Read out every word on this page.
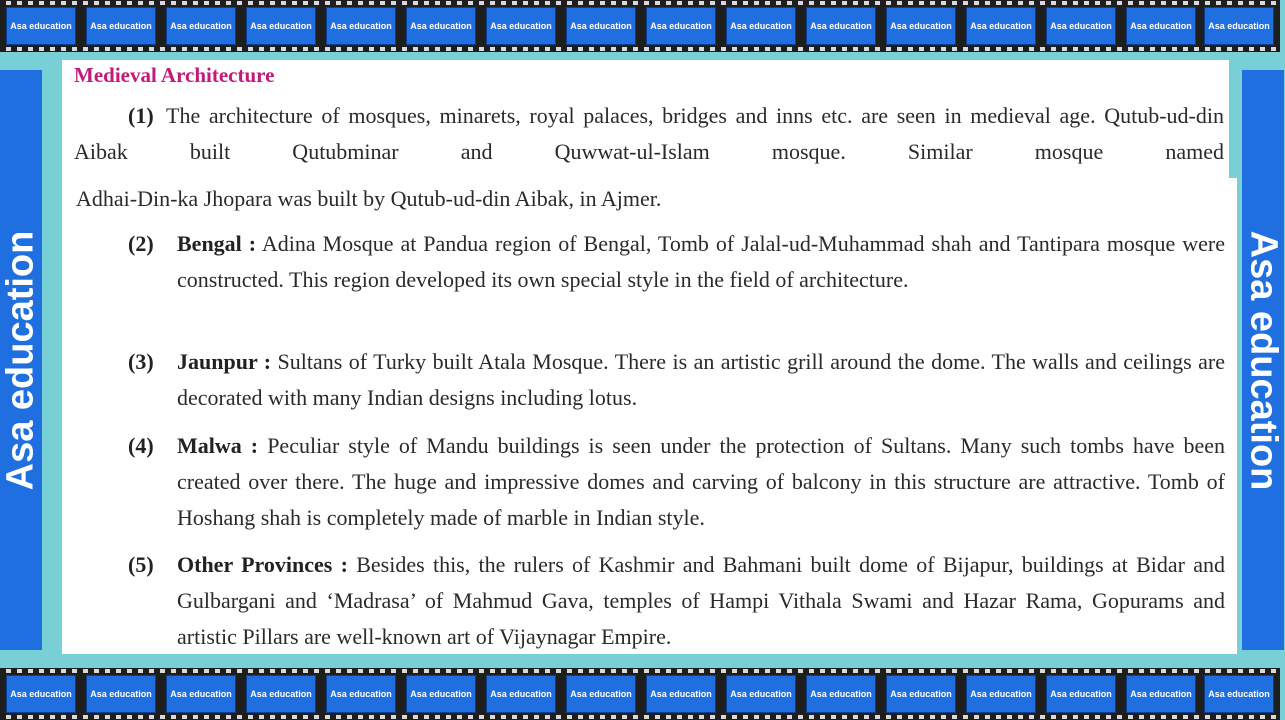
Asa education	Asa education	Asa education	Asa education	Asa education	Asa education	Asa education	Asa education	Asa education	Asa education	Asa education	Asa education	Asa education	Asa education	Asa education	Asa education
Asa education	Asa education
Medieval Architecture
(1) The architecture of mosques, minarets, royal palaces, bridges and inns etc. are seen in medieval age. Qutub-ud-din Aibak built Qutubminar and Quwwat-ul-Islam mosque. Similar mosque named

Adhai-Din-ka Jhopara was built by Qutub-ud-din Aibak, in Ajmer.

(2) Bengal : Adina Mosque at Pandua region of Bengal, Tomb of Jalal-ud-Muhammad shah and Tantipara mosque were constructed. This region developed its own special style in the field of architecture.

(3) Jaunpur : Sultans of Turky built Atala Mosque. There is an artistic grill around the dome. The walls and ceilings are decorated with many Indian designs including lotus.

(4) Malwa : Peculiar style of Mandu buildings is seen under the protection of Sultans. Many such tombs have been created over there. The huge and impressive domes and carving of balcony in this structure are attractive. Tomb of Hoshang shah is completely made of marble in Indian style.

(5) Other Provinces : Besides this, the rulers of Kashmir and Bahmani built dome of Bijapur, buildings at Bidar and Gulbargani and ‘Madrasa’ of Mahmud Gava, temples of Hampi Vithala Swami and Hazar Rama, Gopurams and artistic Pillars are well-known art of Vijaynagar Empire.

Asa education	Asa education	Asa education	Asa education	Asa education	Asa education	Asa education	Asa education	Asa education	Asa education	Asa education	Asa education	Asa education	Asa education	Asa education	Asa education
